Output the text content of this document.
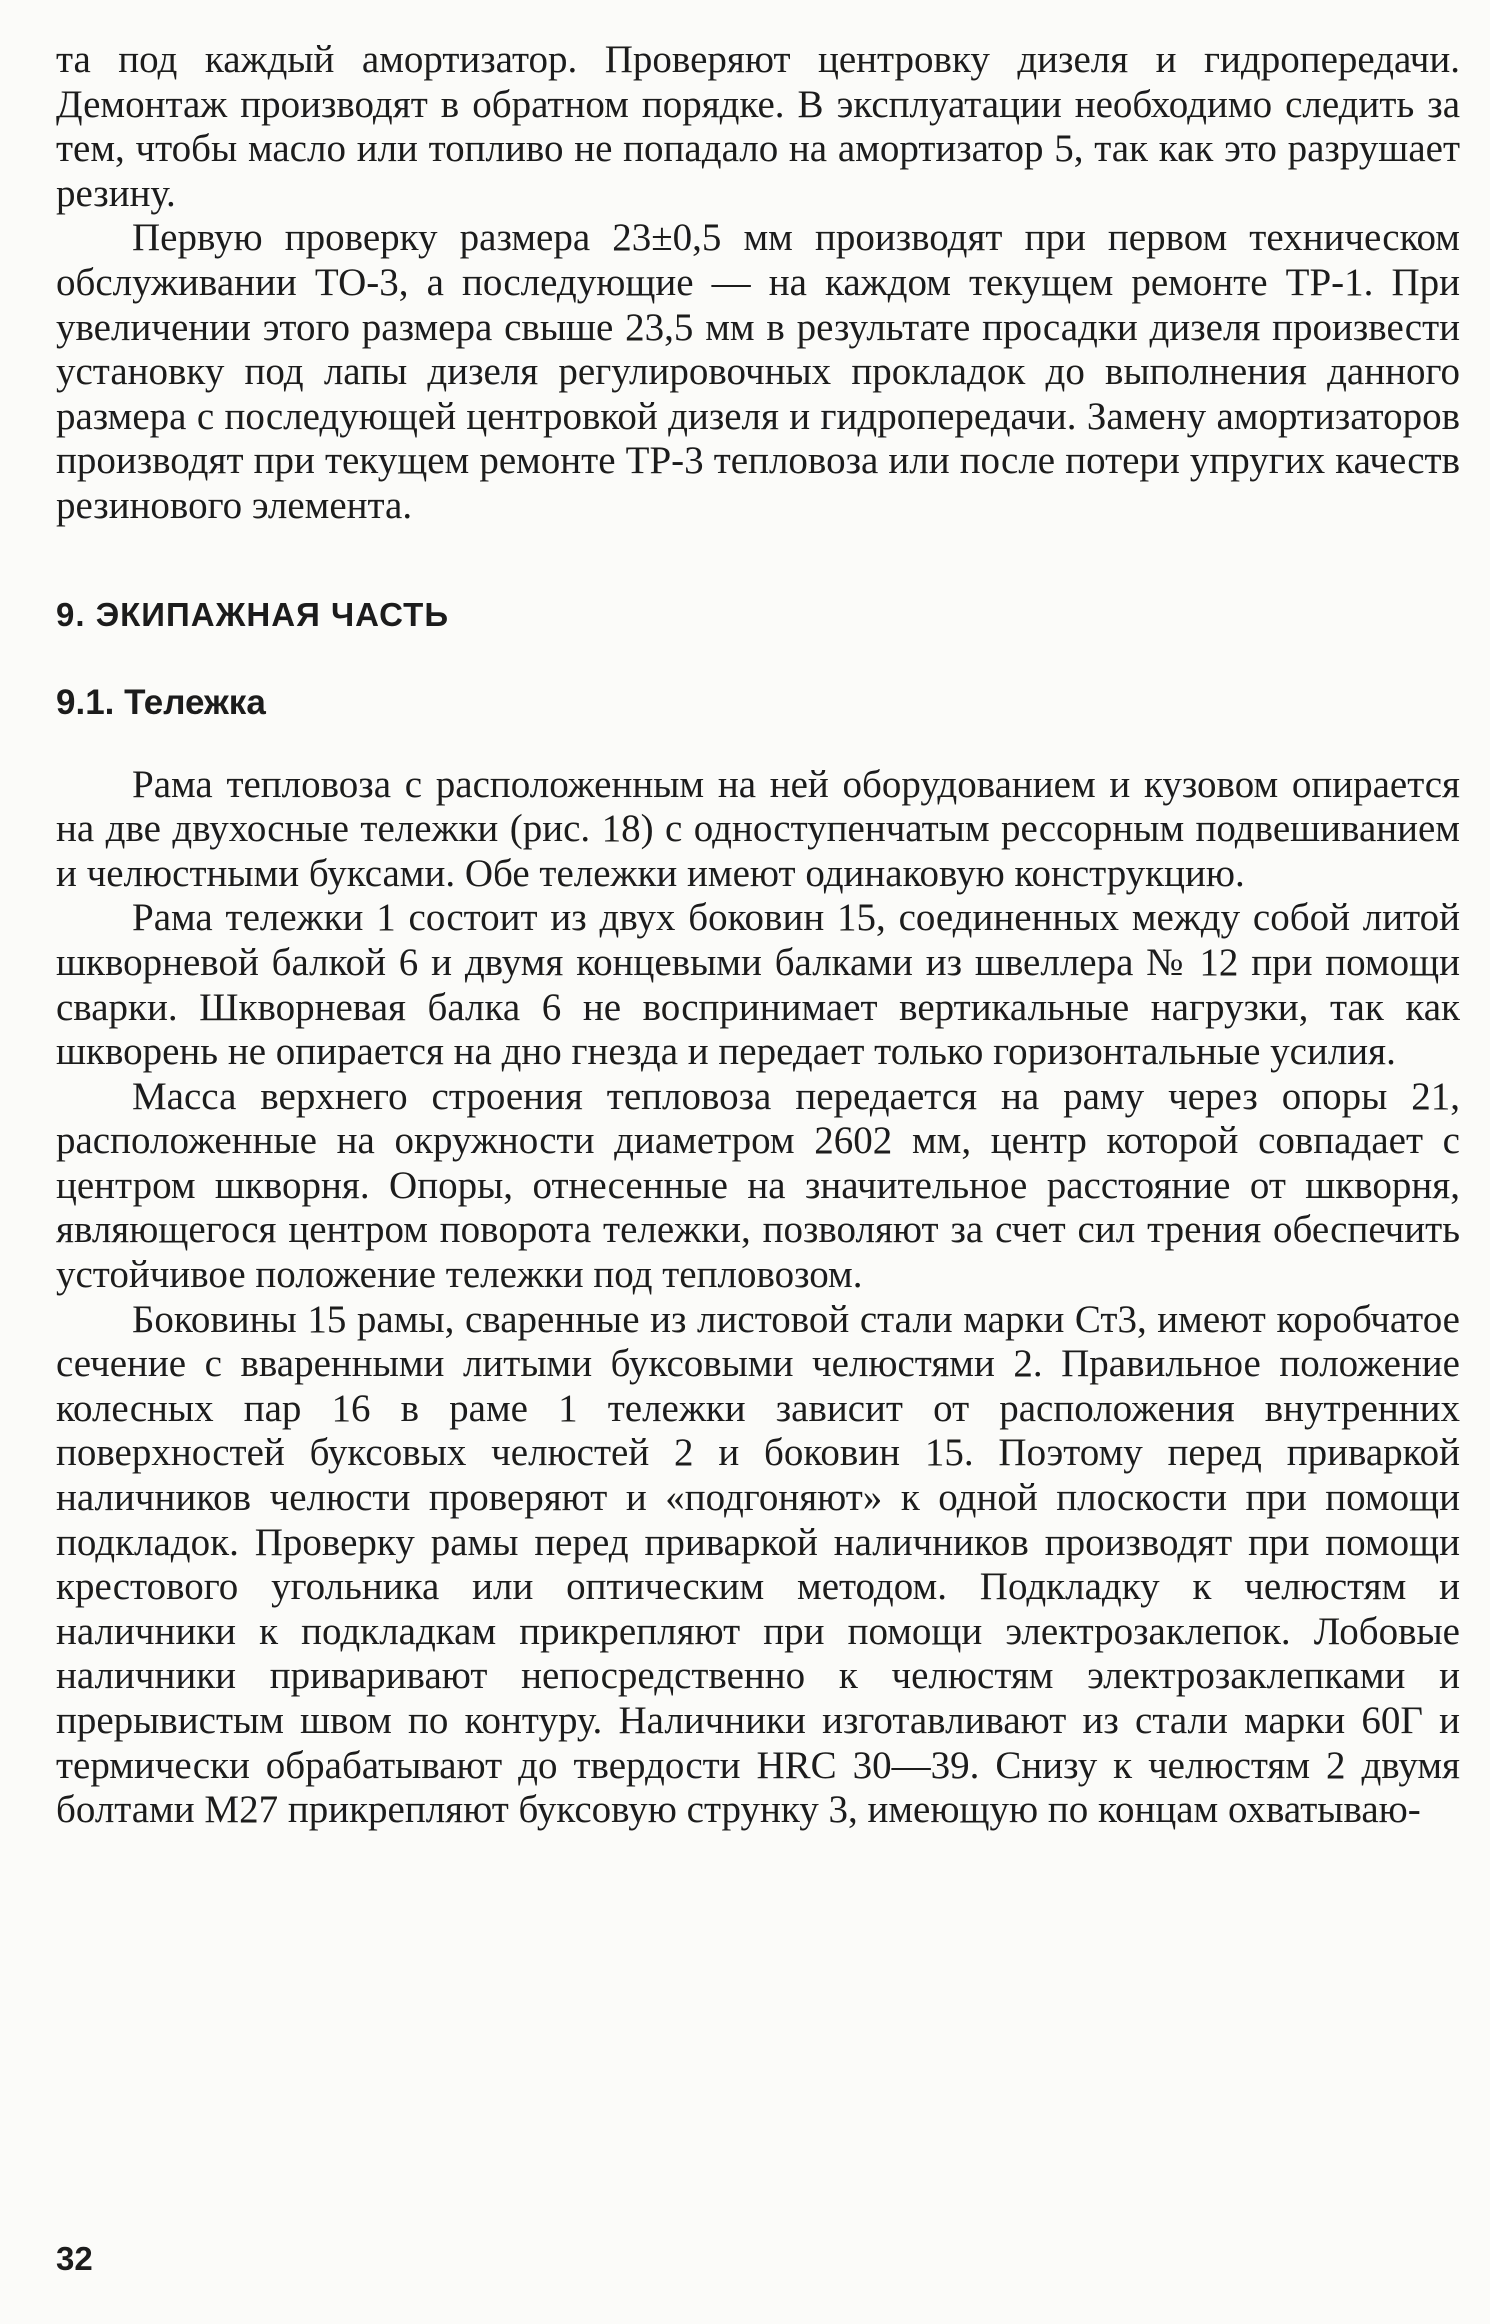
та под каждый амортизатор. Проверяют центровку дизеля и гидропередачи. Демонтаж производят в обратном порядке. В эксплуатации необходимо следить за тем, чтобы масло или топливо не попадало на амортизатор 5, так как это разрушает резину.

Первую проверку размера 23±0,5 мм производят при первом техническом обслуживании ТО-3, а последующие — на каждом текущем ремонте ТР-1. При увеличении этого размера свыше 23,5 мм в результате просадки дизеля произвести установку под лапы дизеля регулировочных прокладок до выполнения данного размера с последующей центровкой дизеля и гидропередачи. Замену амортизаторов производят при текущем ремонте ТР-3 тепловоза или после потери упругих качеств резинового элемента.

9. ЭКИПАЖНАЯ ЧАСТЬ
9.1. Тележка

Рама тепловоза с расположенным на ней оборудованием и кузовом опирается на две двухосные тележки (рис. 18) с одноступенчатым рессорным подвешиванием и челюстными буксами. Обе тележки имеют одинаковую конструкцию.

Рама тележки 1 состоит из двух боковин 15, соединенных между собой литой шкворневой балкой 6 и двумя концевыми балками из швеллера № 12 при помощи сварки. Шкворневая балка 6 не воспринимает вертикальные нагрузки, так как шкворень не опирается на дно гнезда и передает только горизонтальные усилия.

Масса верхнего строения тепловоза передается на раму через опоры 21, расположенные на окружности диаметром 2602 мм, центр которой совпадает с центром шкворня. Опоры, отнесенные на значительное расстояние от шкворня, являющегося центром поворота тележки, позволяют за счет сил трения обеспечить устойчивое положение тележки под тепловозом.

Боковины 15 рамы, сваренные из листовой стали марки Ст3, имеют коробчатое сечение с вваренными литыми буксовыми челюстями 2. Правильное положение колесных пар 16 в раме 1 тележки зависит от расположения внутренних поверхностей буксовых челюстей 2 и боковин 15. Поэтому перед приваркой наличников челюсти проверяют и «подгоняют» к одной плоскости при помощи подкладок. Проверку рамы перед приваркой наличников производят при помощи крестового угольника или оптическим методом. Подкладку к челюстям и наличники к подкладкам прикрепляют при помощи электрозаклепок. Лобовые наличники приваривают непосредственно к челюстям электрозаклепками и прерывистым швом по контуру. Наличники изготавливают из стали марки 60Г и термически обрабатывают до твердости HRC 30—39. Снизу к челюстям 2 двумя болтами М27 прикрепляют буксовую струнку 3, имеющую по концам охватываю-

32
